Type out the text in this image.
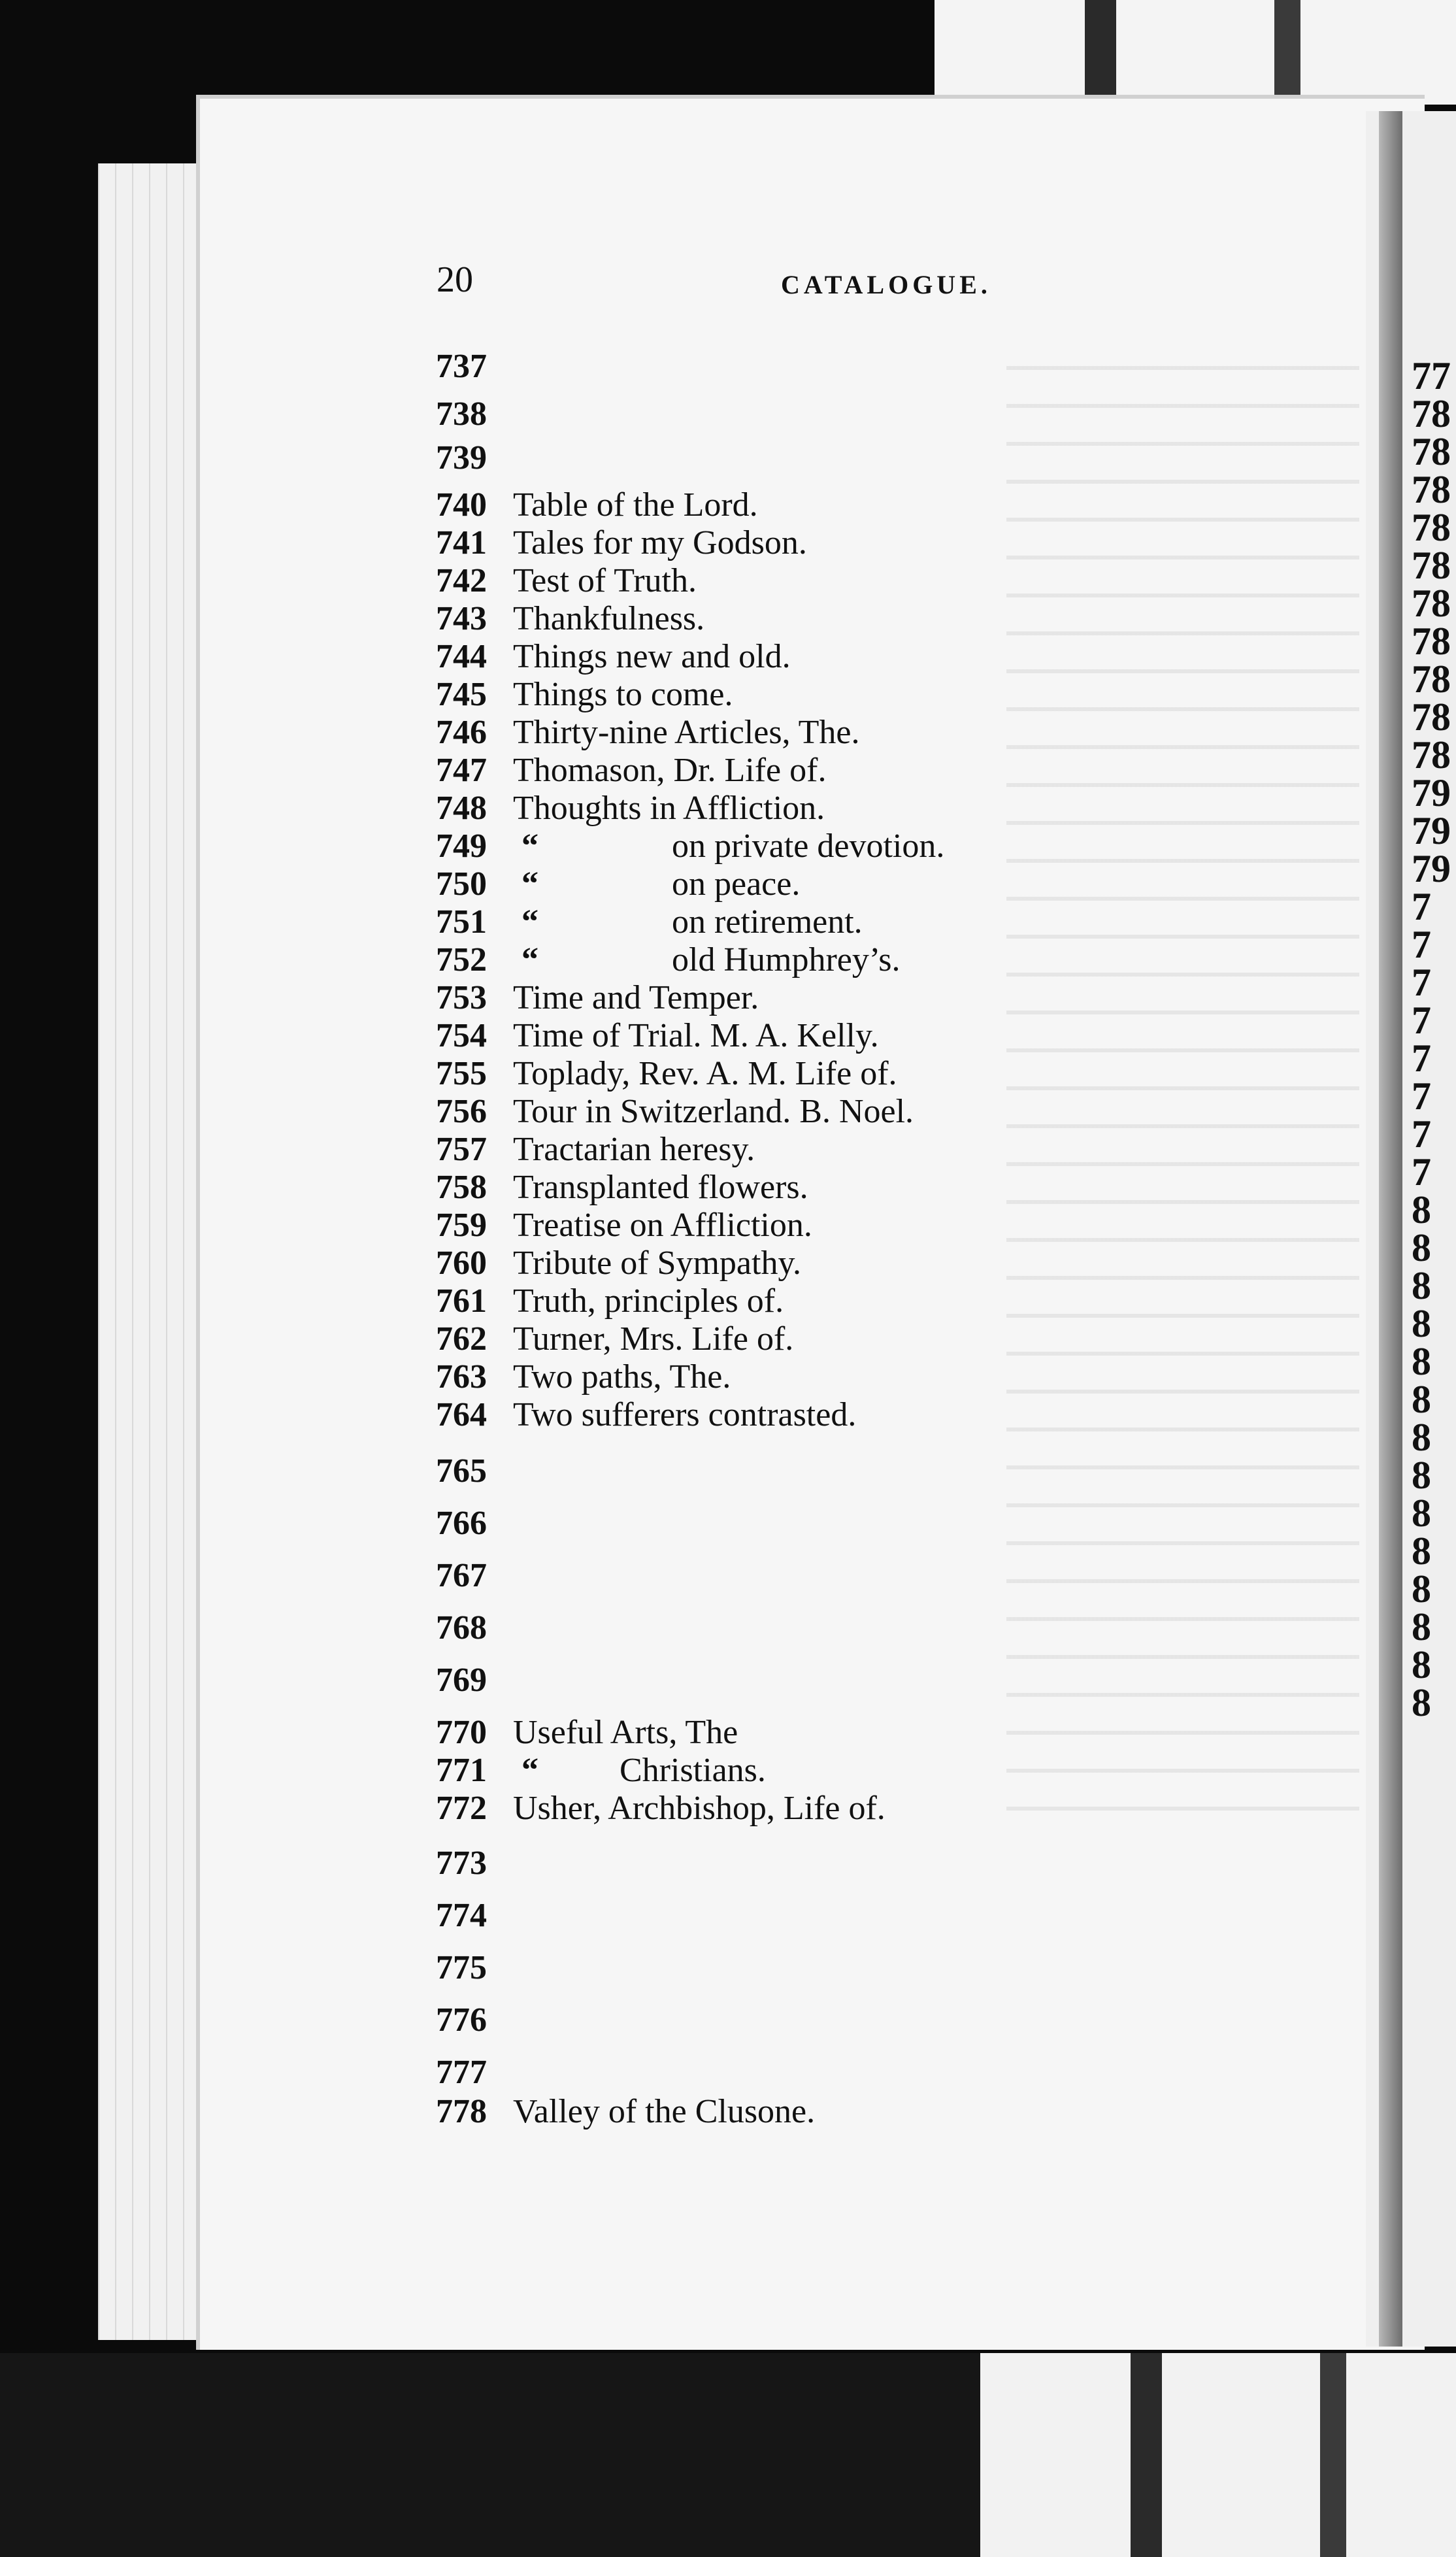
77
78
78
78
78
78
78
78
78
78
78
79
79
79
7
7
7
7
7
7
7
7
8
8
8
8
8
8
8
8
8
8
8
8
8
8
20	CATALOGUE.
737
738
739
740 Table of the Lord.
741 Tales for my Godson.
742 Test of Truth.
743 Thankfulness.
744 Things new and old.
745 Things to come.
746 Thirty-nine Articles, The.
747 Thomason, Dr. Life of.
748 Thoughts in Affliction.
749 “	on private devotion.
750 “	on peace.
751 “	on retirement.
752 “	old Humphrey’s.
753 Time and Temper.
754 Time of Trial. M. A. Kelly.
755 Toplady, Rev. A. M. Life of.
756 Tour in Switzerland. B. Noel.
757 Tractarian heresy.
758 Transplanted flowers.
759 Treatise on Affliction.
760 Tribute of Sympathy.
761 Truth, principles of.
762 Turner, Mrs. Life of.
763 Two paths, The.
764 Two sufferers contrasted.
765
766
767
768
769
770 Useful Arts, The
771 “ Christians.
772 Usher, Archbishop, Life of.
773
774
775
776
777
778 Valley of the Clusone.
